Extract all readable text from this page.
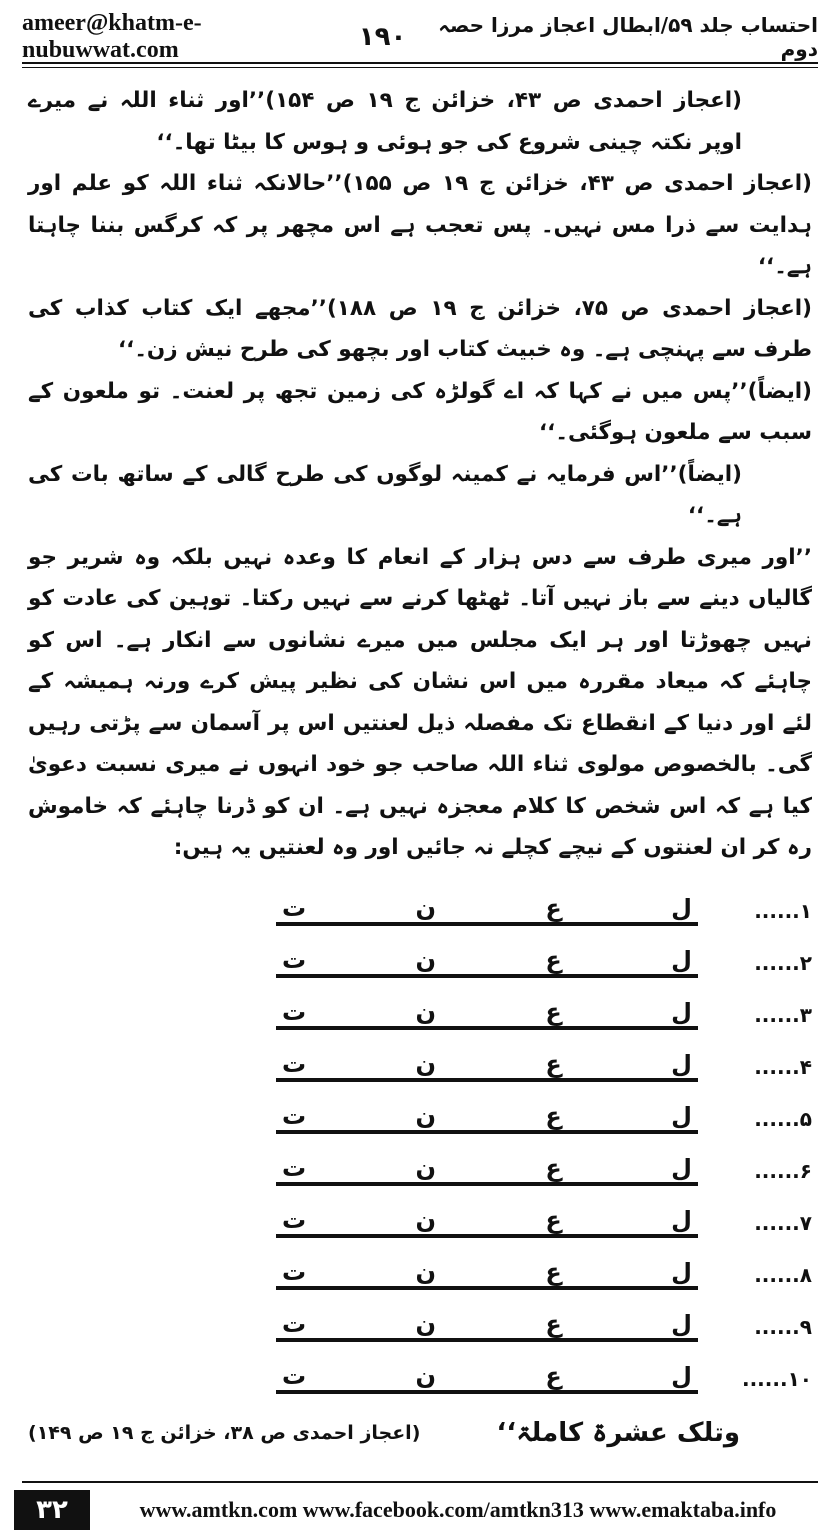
ameer@khatm-e-nubuwwat.com	۱۹۰	احتساب جلد ۵۹/ابطال اعجاز مرزا حصہ دوم

(اعجاز احمدی ص ۴۳، خزائن ج ۱۹ ص ۱۵۴)’’اور ثناء اللہ نے میرے اوپر نکتہ چینی شروع کی جو ہوئی و ہوس کا بیٹا تھا۔‘‘

(اعجاز احمدی ص ۴۳، خزائن ج ۱۹ ص ۱۵۵)’’حالانکہ ثناء اللہ کو علم اور ہدایت سے ذرا مس نہیں۔ پس تعجب ہے اس مچھر پر کہ کرگس بننا چاہتا ہے۔‘‘

(اعجاز احمدی ص ۷۵، خزائن ج ۱۹ ص ۱۸۸)’’مجھے ایک کتاب کذاب کی طرف سے پہنچی ہے۔ وہ خبیث کتاب اور بچھو کی طرح نیش زن۔‘‘

(ایضاً)’’پس میں نے کہا کہ اے گولڑہ کی زمین تجھ پر لعنت۔ تو ملعون کے سبب سے ملعون ہوگئی۔‘‘

(ایضاً)’’اس فرمایہ نے کمینہ لوگوں کی طرح گالی کے ساتھ بات کی ہے۔‘‘

’’اور میری طرف سے دس ہزار کے انعام کا وعدہ نہیں بلکہ وہ شریر جو گالیاں دینے سے باز نہیں آتا۔ ٹھٹھا کرنے سے نہیں رکتا۔ توہین کی عادت کو نہیں چھوڑتا اور ہر ایک مجلس میں میرے نشانوں سے انکار ہے۔ اس کو چاہئے کہ میعاد مقررہ میں اس نشان کی نظیر پیش کرے ورنہ ہمیشہ کے لئے اور دنیا کے انقطاع تک مفصلہ ذیل لعنتیں اس پر آسمان سے پڑتی رہیں گی۔ بالخصوص مولوی ثناء اللہ صاحب جو خود انہوں نے میری نسبت دعویٰ کیا ہے کہ اس شخص کا کلام معجزہ نہیں ہے۔ ان کو ڈرنا چاہئے کہ خاموش رہ کر ان لعنتوں کے نیچے کچلے نہ جائیں اور وہ لعنتیں یہ ہیں:

۱......
ل
ع
ن
ت
۲......
ل
ع
ن
ت
۳......
ل
ع
ن
ت
۴......
ل
ع
ن
ت
۵......
ل
ع
ن
ت
۶......
ل
ع
ن
ت
۷......
ل
ع
ن
ت
۸......
ل
ع
ن
ت
۹......
ل
ع
ن
ت
۱۰......
ل
ع
ن
ت
وتلک عشرۃ کاملۃ‘‘
(اعجاز احمدی ص ۳۸، خزائن ج ۱۹ ص ۱۴۹)
۳۲	www.amtkn.com www.facebook.com/amtkn313 www.emaktaba.info
